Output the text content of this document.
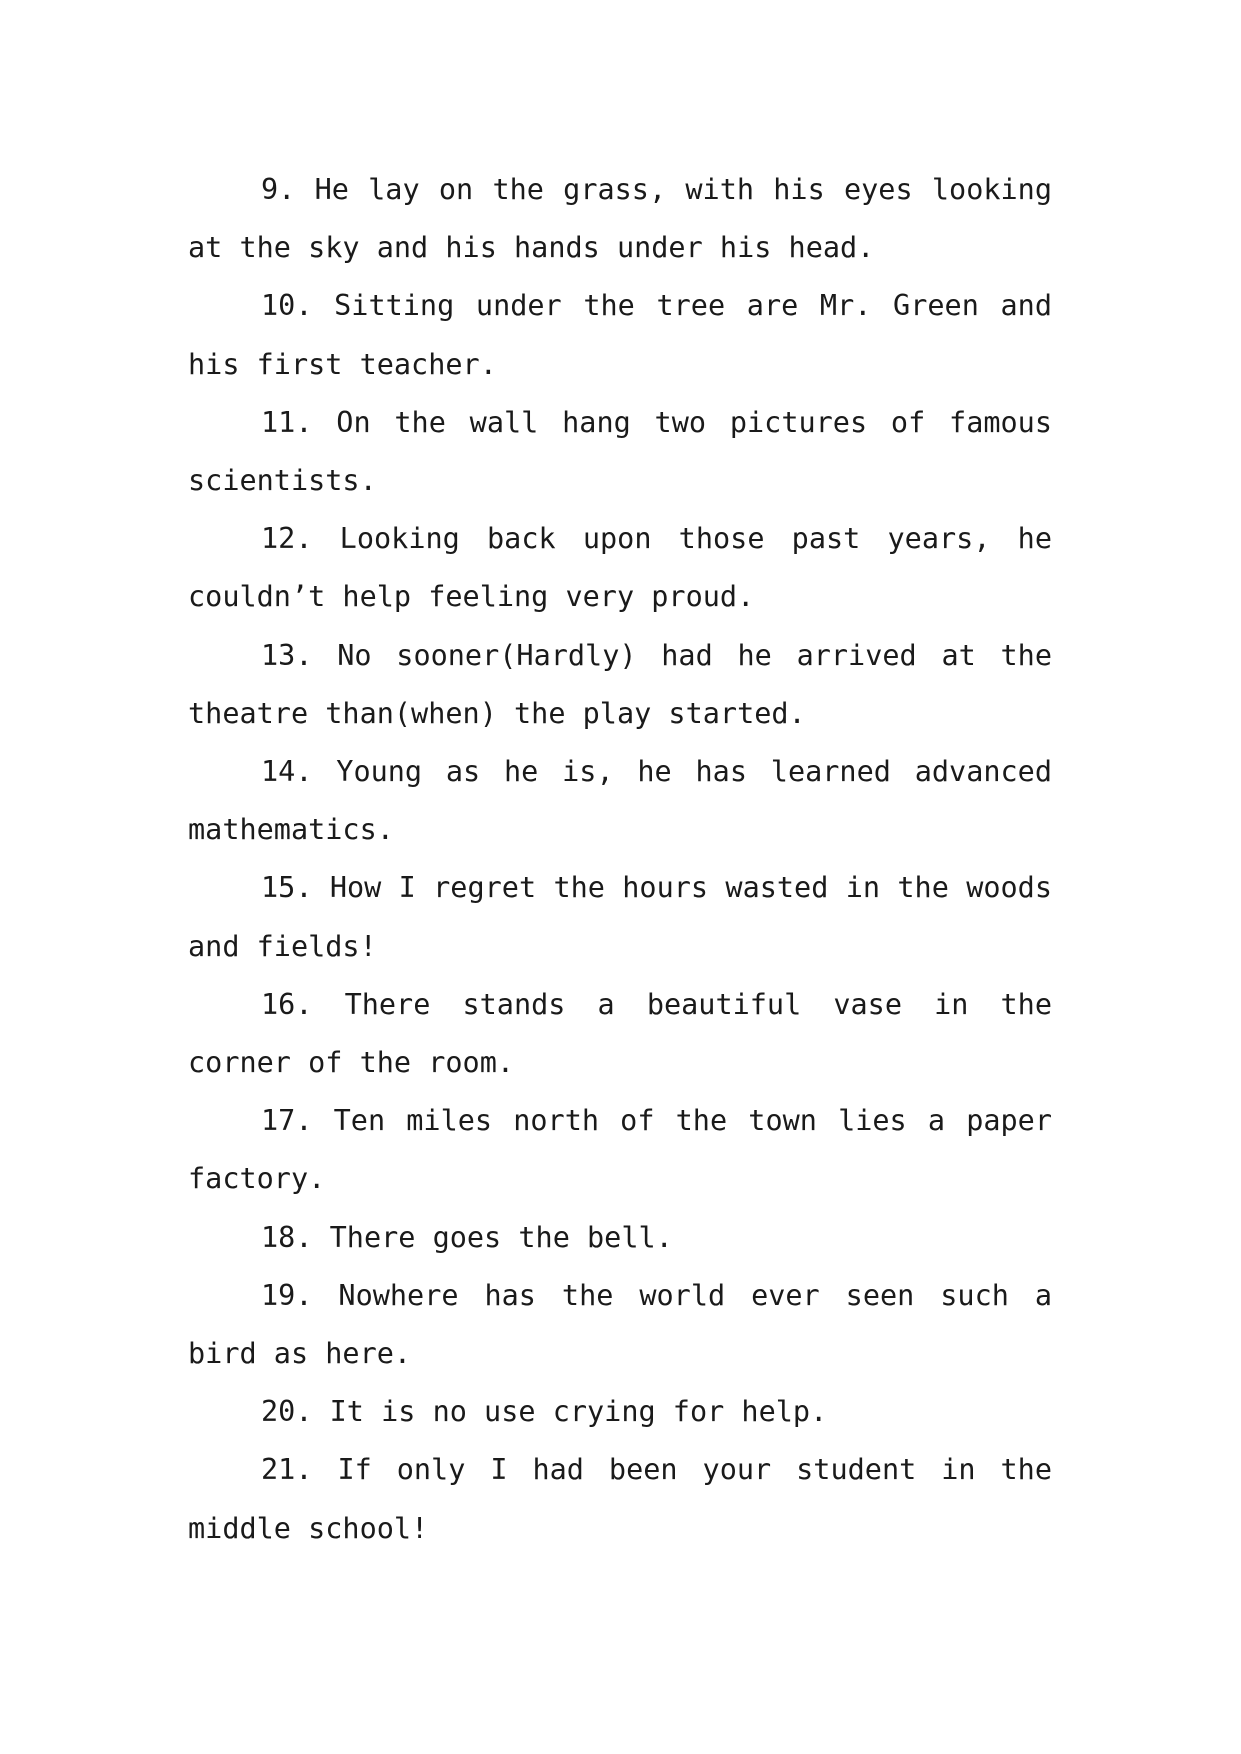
9. He lay on the grass, with his eyes looking at the sky and his hands under his head.

10. Sitting under the tree are Mr. Green and his first teacher.

11. On the wall hang two pictures of famous scientists.

12. Looking back upon those past years, he couldn’t help feeling very proud.

13. No sooner(Hardly) had he arrived at the theatre than(when) the play started.

14. Young as he is, he has learned advanced mathematics.

15. How I regret the hours wasted in the woods and fields!

16. There stands a beautiful vase in the corner of the room.

17. Ten miles north of the town lies a paper factory.

18. There goes the bell.

19. Nowhere has the world ever seen such a bird as here.

20. It is no use crying for help.

21. If only I had been your student in the middle school!
